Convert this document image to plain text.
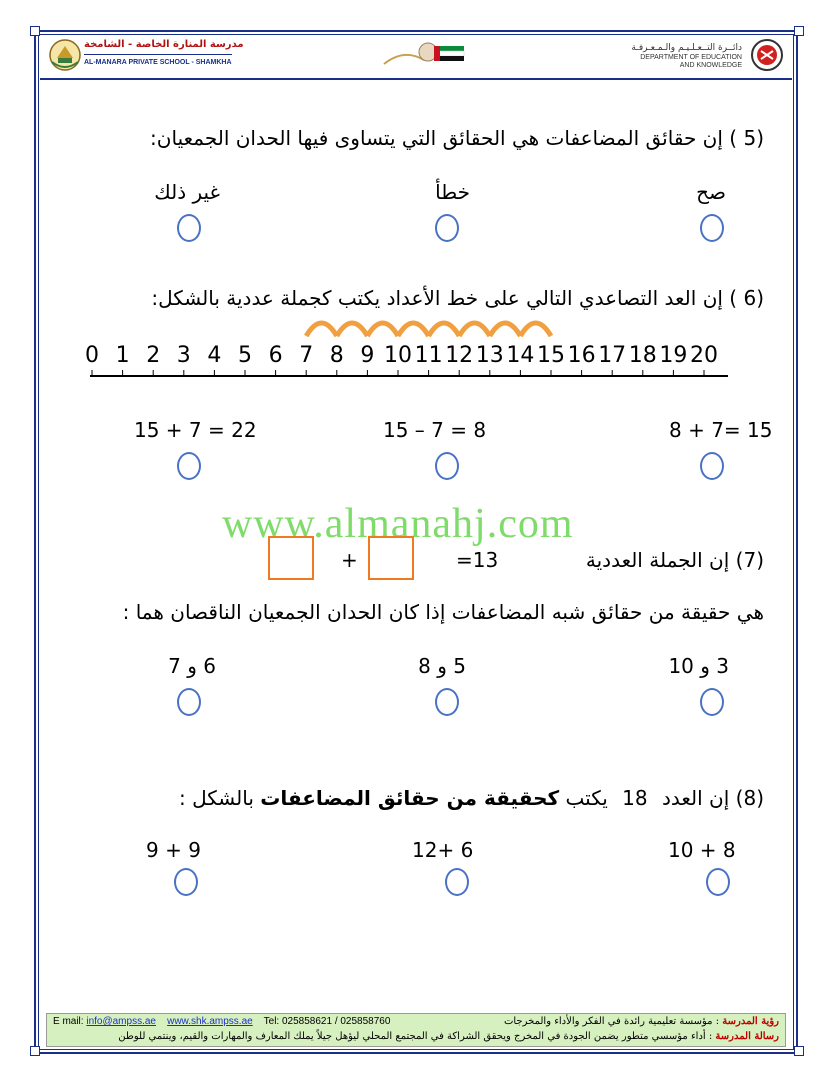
مدرسة المنارة الخاصة - الشامخة
AL-MANARA PRIVATE SCHOOL - SHAMKHA
دائــرة التــعـلـيـم والـمـعـرفـة
DEPARTMENT OF EDUCATION
AND KNOWLEDGE
(5 ) إن حقائق المضاعفات هي الحقائق التي يتساوى فيها الحدان الجمعيان:
صح
خطأ
غير ذلك
(6 ) إن العد التصاعدي التالي على خط الأعداد يكتب كجملة عددية بالشكل:
0 1 2 3 4 5 6 7 8 9 10 11 12 13 14 15 16 17 18 19 20
8 + 7= 15
15 – 7 = 8
15 + 7 = 22
www.almanahj.com
(7) إن الجملة العددية
=13
+
هي حقيقة من حقائق شبه المضاعفات إذا كان الحدان الجمعيان الناقصان هما :
3 و 10
5 و 8
6 و 7
(8) إن العدد 18 يكتب كحقيقة من حقائق المضاعفات بالشكل :
10 + 8
12+ 6
9 + 9
رؤية المدرسة : مؤسسة تعليمية رائدة في الفكر والأداء والمخرجات
رسالة المدرسة : أداء مؤسسي متطور يضمن الجودة في المخرج ويحقق الشراكة في المجتمع المحلي ليؤهل جيلاً يملك المعارف والمهارات والقيم، وينتمي للوطن
E mail: info@ampss.ae www.shk.ampss.ae Tel: 025858621 / 025858760
